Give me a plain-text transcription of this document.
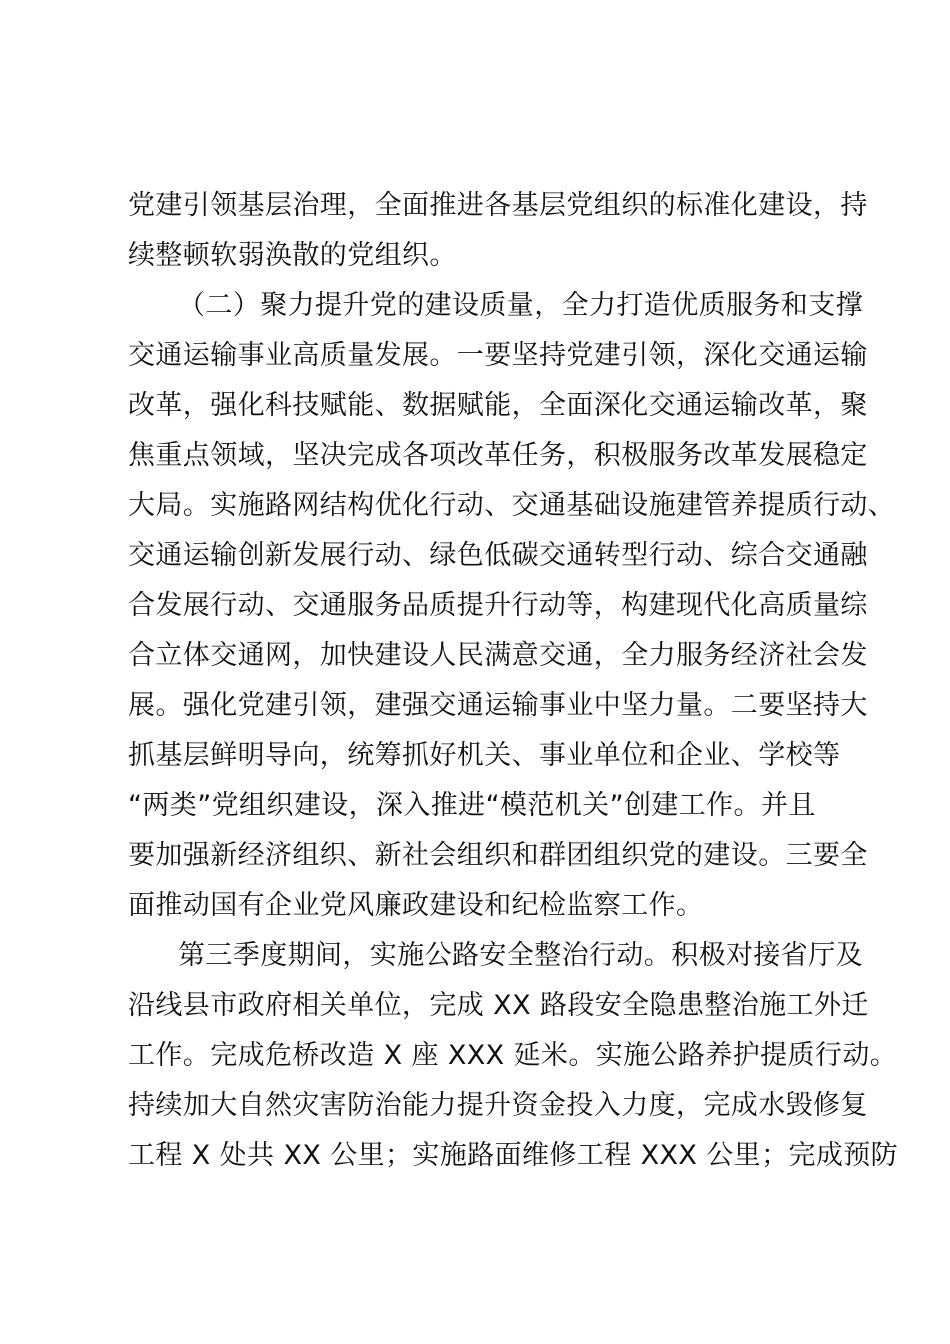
党建引领基层治理，全面推进各基层党组织的标准化建设，持
续整顿软弱涣散的党组织。
（二）聚力提升党的建设质量，全力打造优质服务和支撑
交通运输事业高质量发展。一要坚持党建引领，深化交通运输
改革，强化科技赋能、数据赋能，全面深化交通运输改革，聚
焦重点领域，坚决完成各项改革任务，积极服务改革发展稳定
大局。实施路网结构优化行动、交通基础设施建管养提质行动、
交通运输创新发展行动、绿色低碳交通转型行动、综合交通融
合发展行动、交通服务品质提升行动等，构建现代化高质量综
合立体交通网，加快建设人民满意交通，全力服务经济社会发
展。强化党建引领，建强交通运输事业中坚力量。二要坚持大
抓基层鲜明导向，统筹抓好机关、事业单位和企业、学校等
“两类”党组织建设，深入推进“模范机关”创建工作。并且
要加强新经济组织、新社会组织和群团组织党的建设。三要全
面推动国有企业党风廉政建设和纪检监察工作。
第三季度期间，实施公路安全整治行动。积极对接省厅及
沿线县市政府相关单位，完成 XX 路段安全隐患整治施工外迁
工作。完成危桥改造 X 座 XXX 延米。实施公路养护提质行动。
持续加大自然灾害防治能力提升资金投入力度，完成水毁修复
工程 X 处共 XX 公里；实施路面维修工程 XXX 公里；完成预防
